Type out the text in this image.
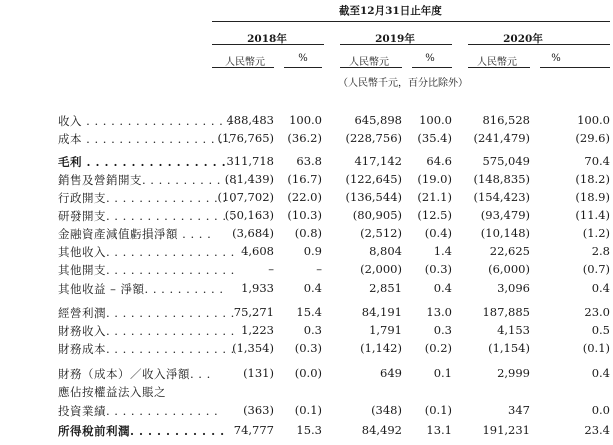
截至12月31日止年度
2018年	2019年	2020年
人民幣元	%	人民幣元	%	人民幣元	%
（人民幣千元，百分比除外）
收入 . . . . . . . . . . . . . . . . . .
488,483 100.0	645,898 100.0	816,528	100.0
成本 . . . . . . . . . . . . . . . . . .
(176,765) (36.2) (228,756) (35.4) (241,479)	(29.6)
毛利 . . . . . . . . . . . . . . . . 311,718 63.8	417,142 64.6	575,049	70.4
銷售及營銷開支. . . . . . . . . . . .
(81,439) (16.7) (122,645) (19.0) (148,835)	(18.2)
行政開支. . . . . . . . . . . . . . . .
(107,702) (22.0) (136,544) (21.1) (154,423)	(18.9)
研發開支. . . . . . . . . . . . . . . .
(50,163) (10.3)	(80,905) (12.5)	(93,479)	(11.4)
金融資產減值虧損淨額 . . . . (3,684) (0.8)	(2,512) (0.4)	(10,148)	(1.2)
其他收入. . . . . . . . . . . . . . . . 4,608	0.9	8,804	1.4	22,625	2.8
其他開支. . . . . . . . . . . . . . . .	–	–	(2,000) (0.3)	(6,000)	(0.7)
其他收益 – 淨額. . . . . . . . . . 1,933	0.4	2,851	0.4	3,096	0.4
經營利潤. . . . . . . . . . . . . . . .
75,271 15.4	84,191 13.0	187,885	23.0
財務收入. . . . . . . . . . . . . . . . 1,223	0.3	1,791	0.3	4,153	0.5
財務成本. . . . . . . . . . . . . . . .
(1,354) (0.3)	(1,142) (0.2)	(1,154)	(0.1)
財務（成本）／收入淨額. . .	(131) (0.0)	649	0.1	2,999	0.4
應佔按權益法入賬之
投資業績. . . . . . . . . . . . . . (363) (0.1)	(348) (0.1)	347	0.0
所得稅前利潤. . . . . . . . . . . 74,777 15.3	84,492 13.1	191,231	23.4
